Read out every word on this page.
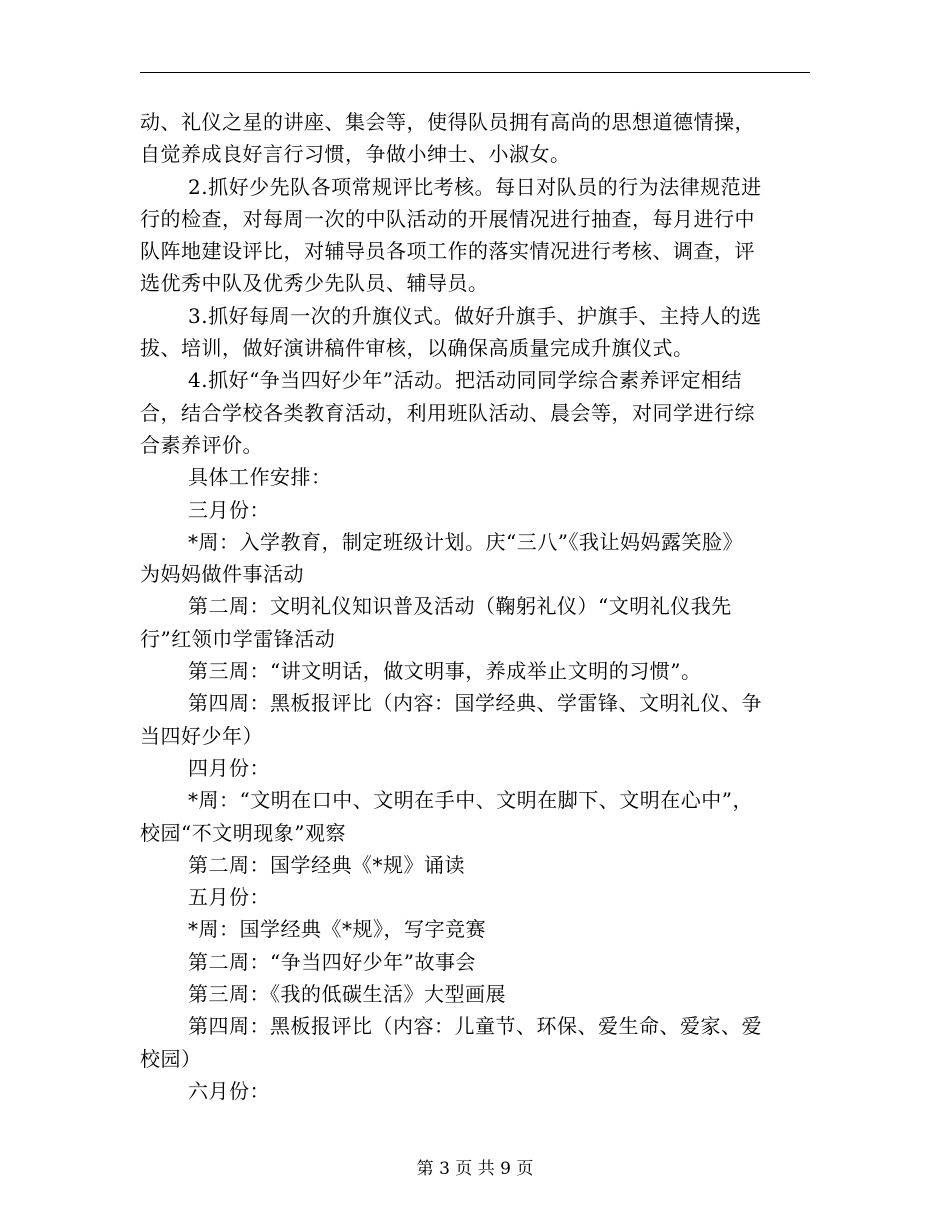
动、礼仪之星的讲座、集会等，使得队员拥有高尚的思想道德情操，

自觉养成良好言行习惯，争做小绅士、小淑女。

2.抓好少先队各项常规评比考核。每日对队员的行为法律规范进

行的检查，对每周一次的中队活动的开展情况进行抽查，每月进行中

队阵地建设评比，对辅导员各项工作的落实情况进行考核、调查，评

选优秀中队及优秀少先队员、辅导员。

3.抓好每周一次的升旗仪式。做好升旗手、护旗手、主持人的选

拔、培训，做好演讲稿件审核，以确保高质量完成升旗仪式。

4.抓好“争当四好少年”活动。把活动同同学综合素养评定相结

合，结合学校各类教育活动，利用班队活动、晨会等，对同学进行综

合素养评价。

具体工作安排：

三月份：

*周：入学教育，制定班级计划。庆“三八”《我让妈妈露笑脸》

为妈妈做件事活动

第二周：文明礼仪知识普及活动（鞠躬礼仪）“文明礼仪我先

行”红领巾学雷锋活动

第三周：“讲文明话，做文明事，养成举止文明的习惯”。

第四周：黑板报评比（内容：国学经典、学雷锋、文明礼仪、争

当四好少年）

四月份：

*周：“文明在口中、文明在手中、文明在脚下、文明在心中”，

校园“不文明现象”观察

第二周：国学经典《*规》诵读

五月份：

*周：国学经典《*规》，写字竞赛

第二周：“争当四好少年”故事会

第三周：《我的低碳生活》大型画展

第四周：黑板报评比（内容：儿童节、环保、爱生命、爱家、爱

校园）

六月份：

第 3 页 共 9 页
